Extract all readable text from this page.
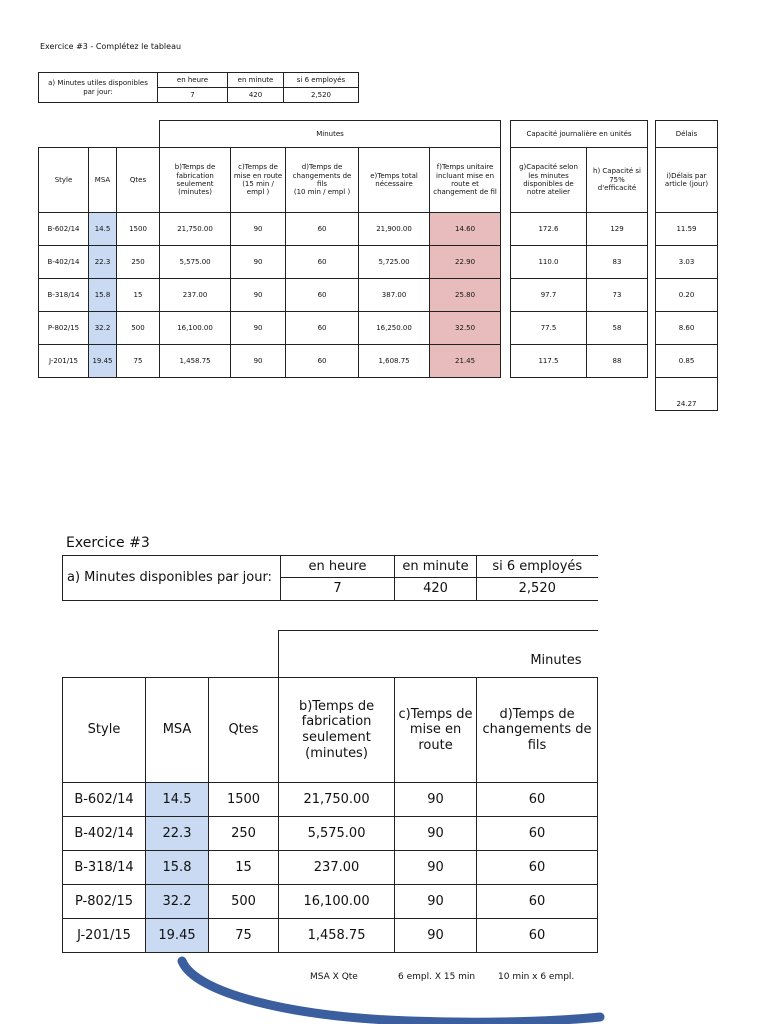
Exercice #3 - Complétez le tableau
a) Minutes utiles disponibles
par jour:	en heure	en minute	si 6 employés
	7	420	2,520
			Minutes				
Style	MSA	Qtes	b)Temps de
fabrication
seulement
(minutes)	c)Temps de
mise en route
(15 min /
empl )	d)Temps de
changements de
fils
(10 min / empl )	e)Temps total
nécessaire	f)Temps unitaire
incluant mise en
route et
changement de fil
B-602/14	14.5	1500	21,750.00	90	60	21,900.00	14.60
B-402/14	22.3	250	5,575.00	90	60	5,725.00	22.90
B-318/14	15.8	15	237.00	90	60	387.00	25.80
P-802/15	32.2	500	16,100.00	90	60	16,250.00	32.50
J-201/15	19.45	75	1,458.75	90	60	1,608.75	21.45
Capacité journalière en unités	
g)Capacité selon
les minutes
disponibles de
notre atelier	h) Capacité si
75%
d'efficacité
172.6	129
110.0	83
97.7	73
77.5	58
117.5	88
Délais
i)Délais par
article (jour)
11.59
3.03
0.20
8.60
0.85
24.27
Exercice #3
a) Minutes disponibles par jour:	en heure	en minute	si 6 employés
	7	420	2,520
			Minutes		
Style	MSA	Qtes	b)Temps de
fabrication
seulement
(minutes)	c)Temps de
mise en
route	d)Temps de
changements de
fils
B-602/14	14.5	1500	21,750.00	90	60
B-402/14	22.3	250	5,575.00	90	60
B-318/14	15.8	15	237.00	90	60
P-802/15	32.2	500	16,100.00	90	60
J-201/15	19.45	75	1,458.75	90	60
MSA X Qte	6 empl. X 15 min	10 min x 6 empl.
